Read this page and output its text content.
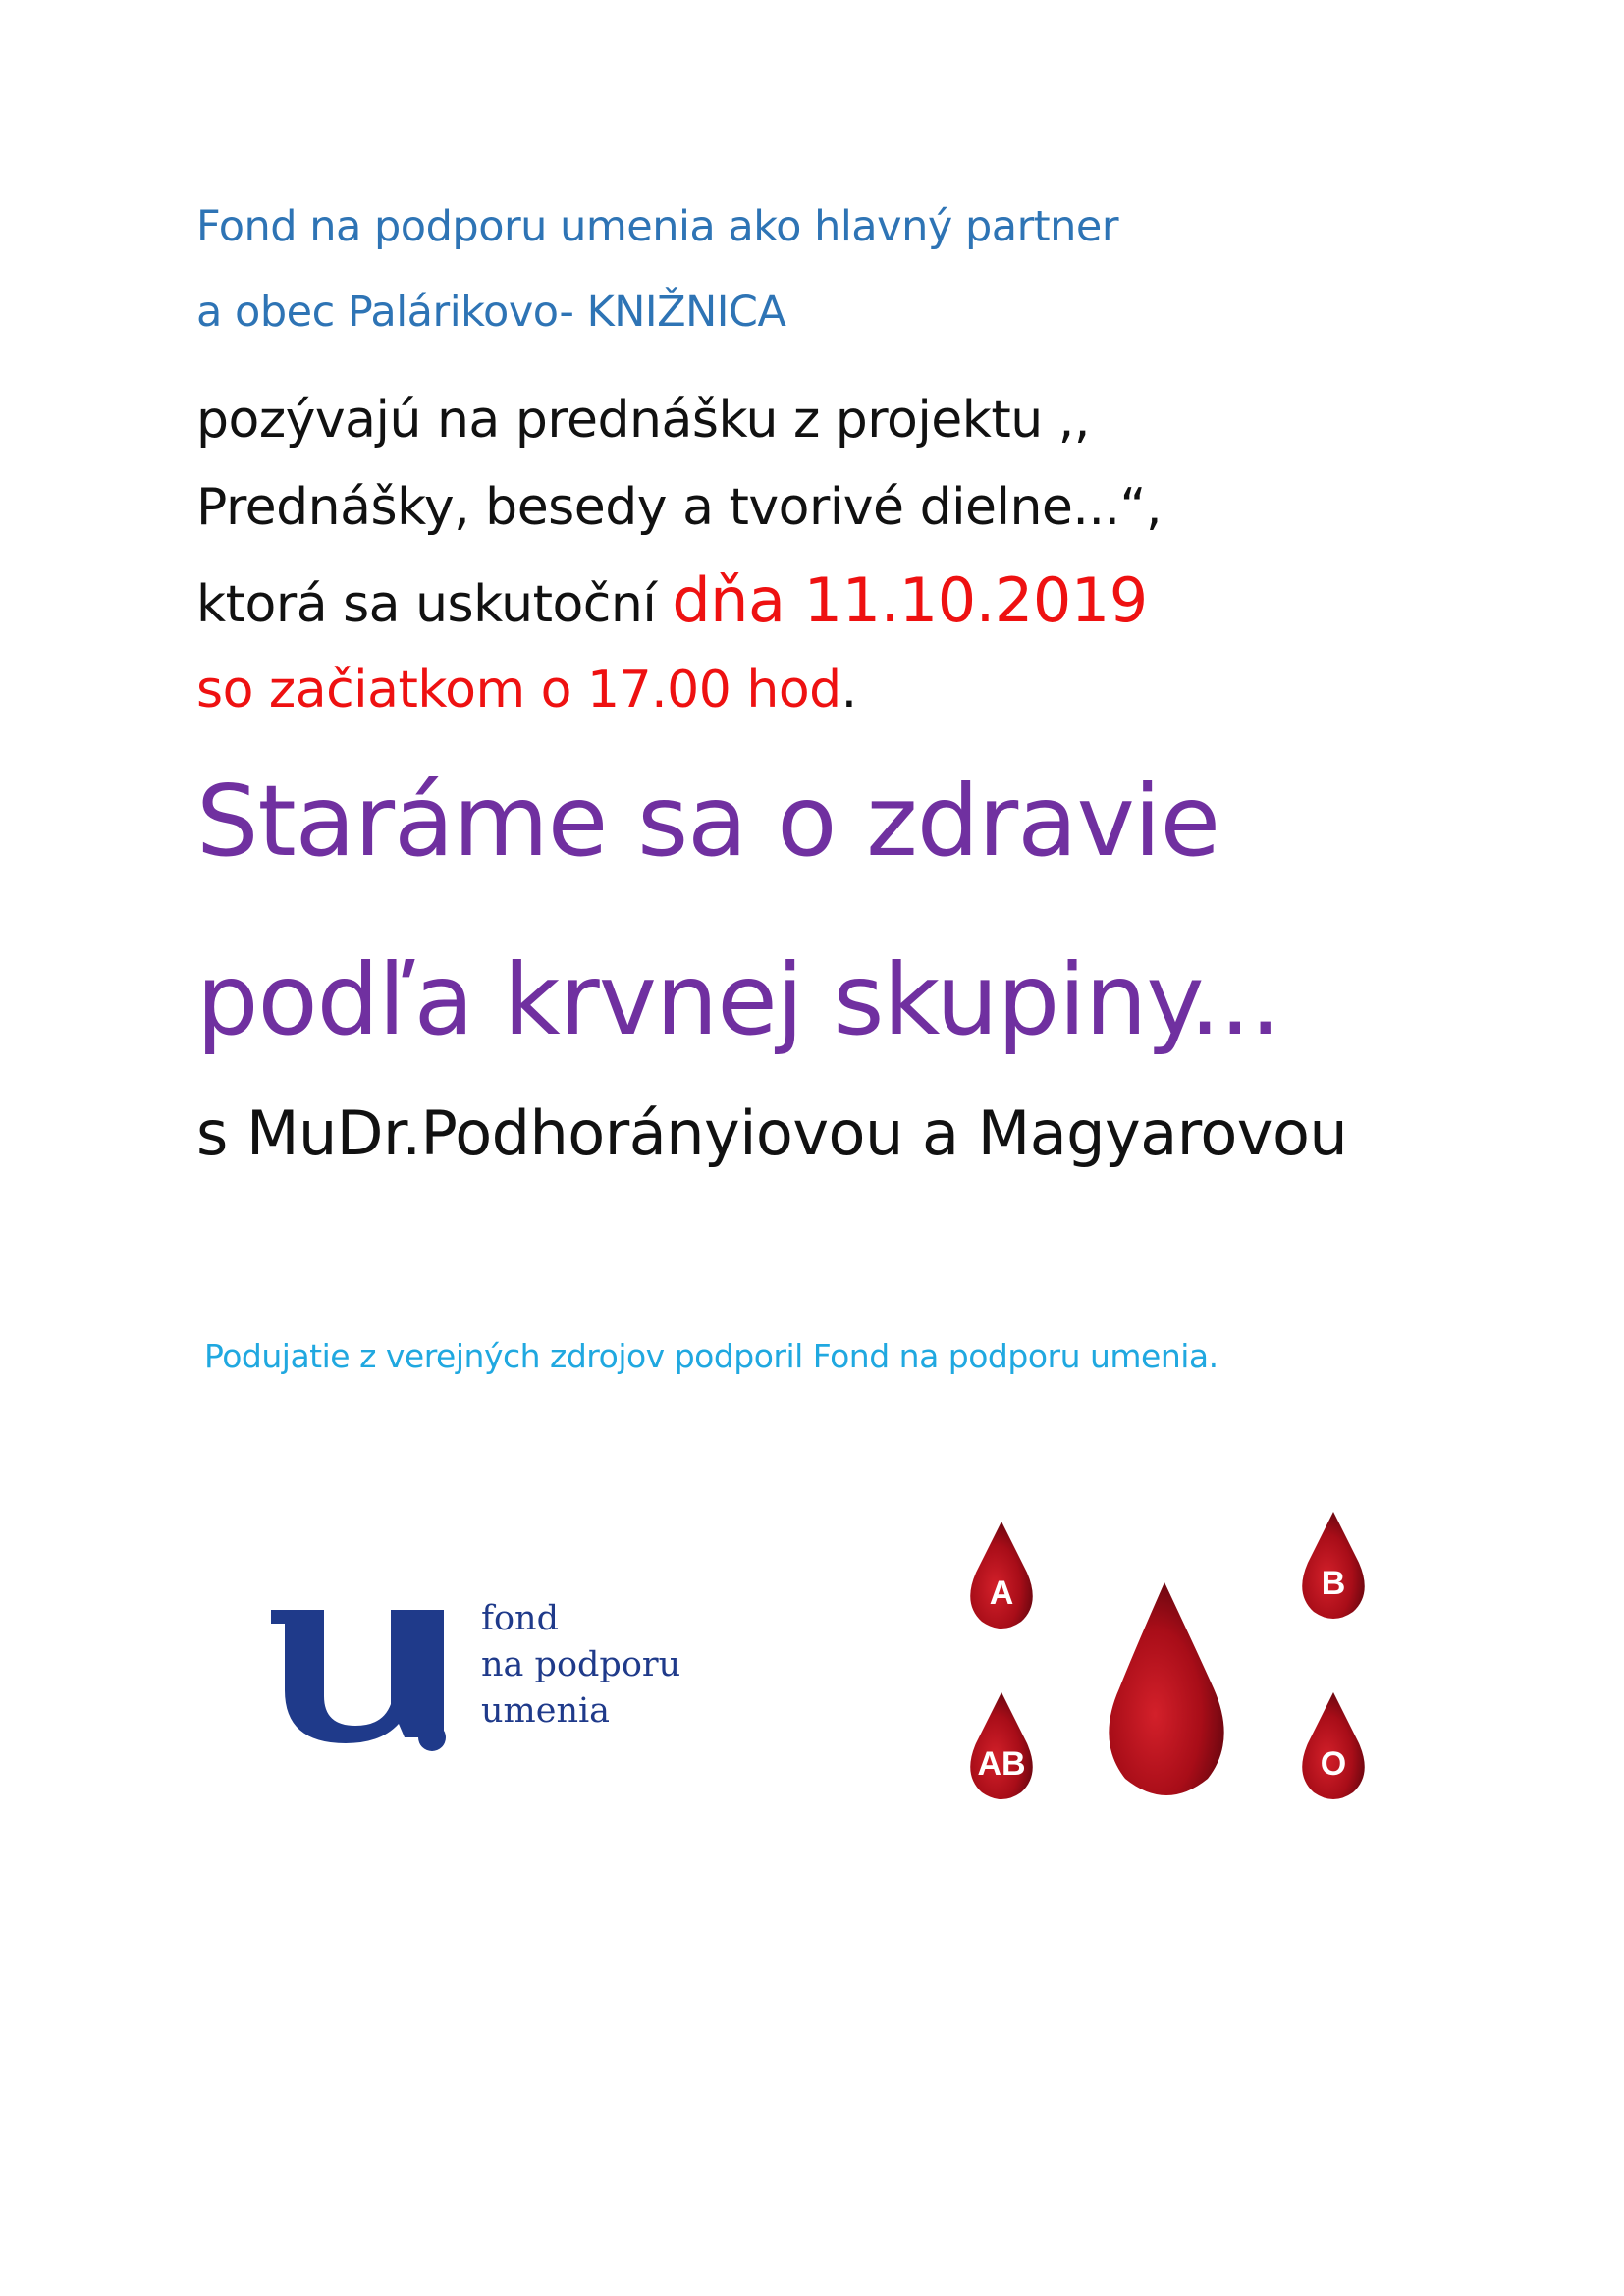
Fond na podporu umenia ako hlavný partner
a obec Palárikovo- KNIŽNICA
pozývajú na prednášku z projektu ,,
Prednášky, besedy a tvorivé dielne...“,
ktorá sa uskutoční dňa 11.10.2019
so začiatkom o 17.00 hod.
Staráme sa o zdravie
podľa krvnej skupiny...
s MuDr.Podhorányiovou a Magyarovou
Podujatie z verejných zdrojov podporil Fond na podporu umenia.
fond
na podporu
umenia
A	B
AB	O
